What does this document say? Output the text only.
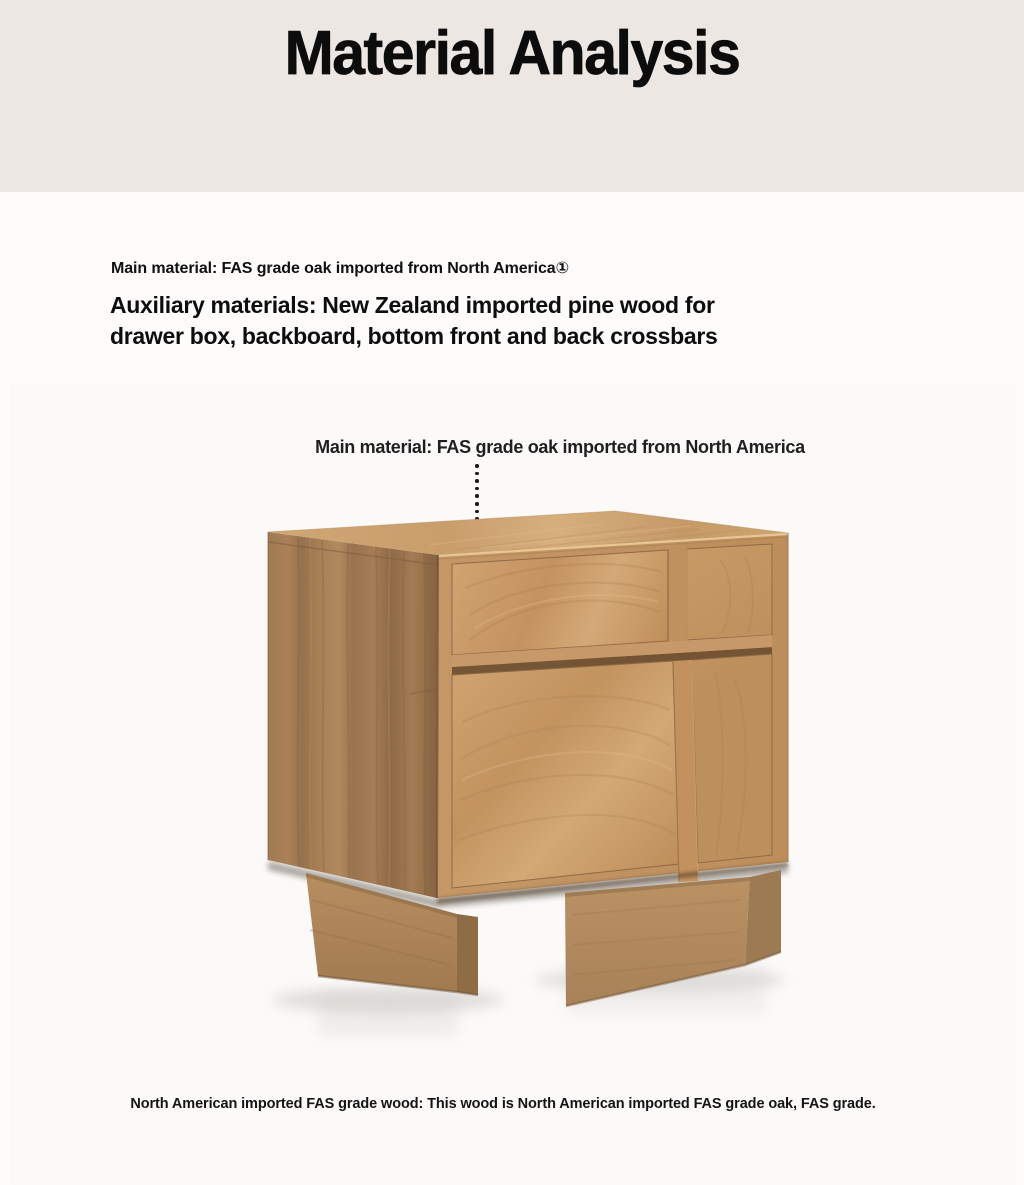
Material Analysis
Main material: FAS grade oak imported from North America①
Auxiliary materials: New Zealand imported pine wood for drawer box, backboard, bottom front and back crossbars
Main material: FAS grade oak imported from North America
North American imported FAS grade wood: This wood is North American imported FAS grade oak, FAS grade.
